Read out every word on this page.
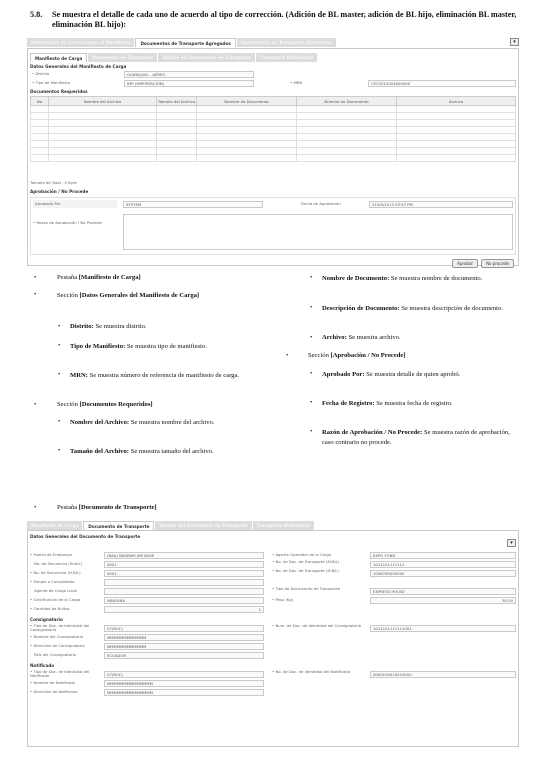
5.8. Se muestra el detalle de cada uno de acuerdo al tipo de corrección. (Adición de BL master, adición de BL hijo, eliminación BL master, eliminación BL hijo):
Información de Correcciones al Manifiesto	Documentos de Transporte Agregados	Documentos de Transporte Eliminados	▾
Manifiesto de Carga	Documento de Transporte	Detalle del Documento de Transporte	Transporte Multimodal
Datos Generales del Manifiesto de Carga
• Distrito	GUAYAQUIL - AÉREO
• Tipo de Manifiesto	IMP (IMPORTACIÓN)	• MRN	CEC2012004000090
Documentos Requeridos
No	Nombre del Archivo	Tamaño del Archivo	Nombre de Documento	Número de Documento	Archivo

Tamaño de Total : 0 Byte
Aprobación / No Procede
Aprobado Por	SYSTEM	Fecha de Aprobación	21/05/2013 03:57 PM
• Razón de Aprobación / No Procede
Aprobar	No procede
•	Pestaña [Manifiesto de Carga]
•	Sección [Datos Generales del Manifiesto de Carga]
• Distrito: Se muestra distrito.
• Tipo de Manifiesto: Se muestra tipo de manifiesto.
• MRN: Se muestra número de referencia de manifiesto de carga.
•	Sección [Documentos Requeridos]
• Nombre del Archivo: Se muestra nombre del archivo.
• Tamaño del Archivo: Se muestra tamaño del archivo.
• Nombre de Documento: Se muestra nombre de documento.
• Descripción de Documento: Se muestra descripción de documento.
• Archivo: Se muestra archivo.
•	Sección [Aprobación / No Procede]
• Aprobado Por: Se muestra detalle de quien aprobó.
• Fecha de Registro: Se muestra fecha de registro.
• Razón de Aprobación / No Procede: Se muestra razón de aprobación, caso contrario no procede.
•	Pestaña [Documento de Transporte]
Manifiesto de Carga	Documento de Transporte	Detalle del Documento de Transporte	Transporte Multimodal
Datos Generales del Documento de Transporte
▾
• Puerto de Embarque	(BAA) BAGRAM AIR BASE
No. de Secuencia (Hnd/L)	0001
• No. de Secuencia (H-B/L)	0001
• Simple o Consolidado
Agente de Carga Local
• Clasificación de la Carga	NINGUNA
• Cantidad de Bultos	1
• Agente Operador de la Carga	EXPO FOND
• No. de Doc. de Transporte (M-B/L)
1011101111111
• No. de Doc. de Transporte (H-B/L)
1098765000000
• Tipo de Documento de Transporte
EXPRESS HOUSE
• Peso (Kg)	30.00
Consignatario
• Tipo de Doc. de Identidad del Consignatario	07(RUC)
• Num. de Doc. de Identidad del Consignatario
1011101111111001
• Nombre del Consignatario	MMMMMMMMMMMM
• Dirección de Consignatario	MMMMMMMMMMMM
País del Consignatario	ECUADOR
Notificado
• Tipo de Doc. de Identidad del Notificado	07(RUC)
• No. de Doc. de Identidad del Notificado
0000100010010000
• Nombre de Notificado	MMMMMMMMMMMMMM
• Dirección de Notificado	MMMMMMMMMMMMMM
